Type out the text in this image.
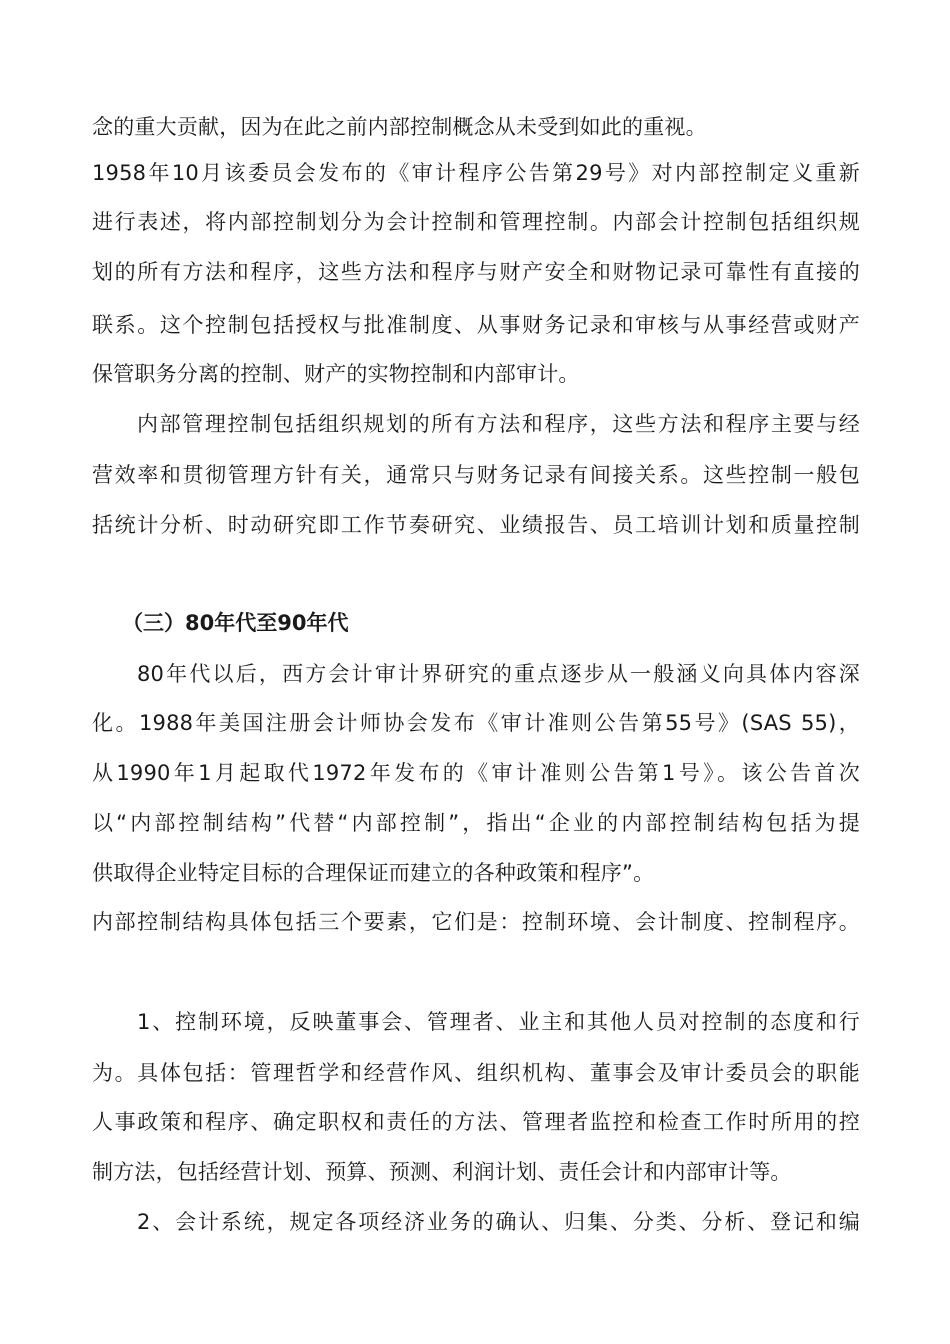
念的重大贡献，因为在此之前内部控制概念从未受到如此的重视。
1958年10月该委员会发布的《审计程序公告第29号》对内部控制定义重新
进行表述，将内部控制划分为会计控制和管理控制。内部会计控制包括组织规
划的所有方法和程序，这些方法和程序与财产安全和财物记录可靠性有直接的
联系。这个控制包括授权与批准制度、从事财务记录和审核与从事经营或财产
保管职务分离的控制、财产的实物控制和内部审计。
内部管理控制包括组织规划的所有方法和程序，这些方法和程序主要与经
营效率和贯彻管理方针有关，通常只与财务记录有间接关系。这些控制一般包
括统计分析、时动研究即工作节奏研究、业绩报告、员工培训计划和质量控制
（三）80年代至90年代
80年代以后，西方会计审计界研究的重点逐步从一般涵义向具体内容深
化。1988年美国注册会计师协会发布《审计准则公告第55号》(SAS 55)，
从1990年1月起取代1972年发布的《审计准则公告第1号》。该公告首次
以“内部控制结构”代替“内部控制”，指出“企业的内部控制结构包括为提
供取得企业特定目标的合理保证而建立的各种政策和程序”。
内部控制结构具体包括三个要素，它们是：控制环境、会计制度、控制程序。
1、控制环境，反映董事会、管理者、业主和其他人员对控制的态度和行
为。具体包括：管理哲学和经营作风、组织机构、董事会及审计委员会的职能
人事政策和程序、确定职权和责任的方法、管理者监控和检查工作时所用的控
制方法，包括经营计划、预算、预测、利润计划、责任会计和内部审计等。
2、会计系统，规定各项经济业务的确认、归集、分类、分析、登记和编
